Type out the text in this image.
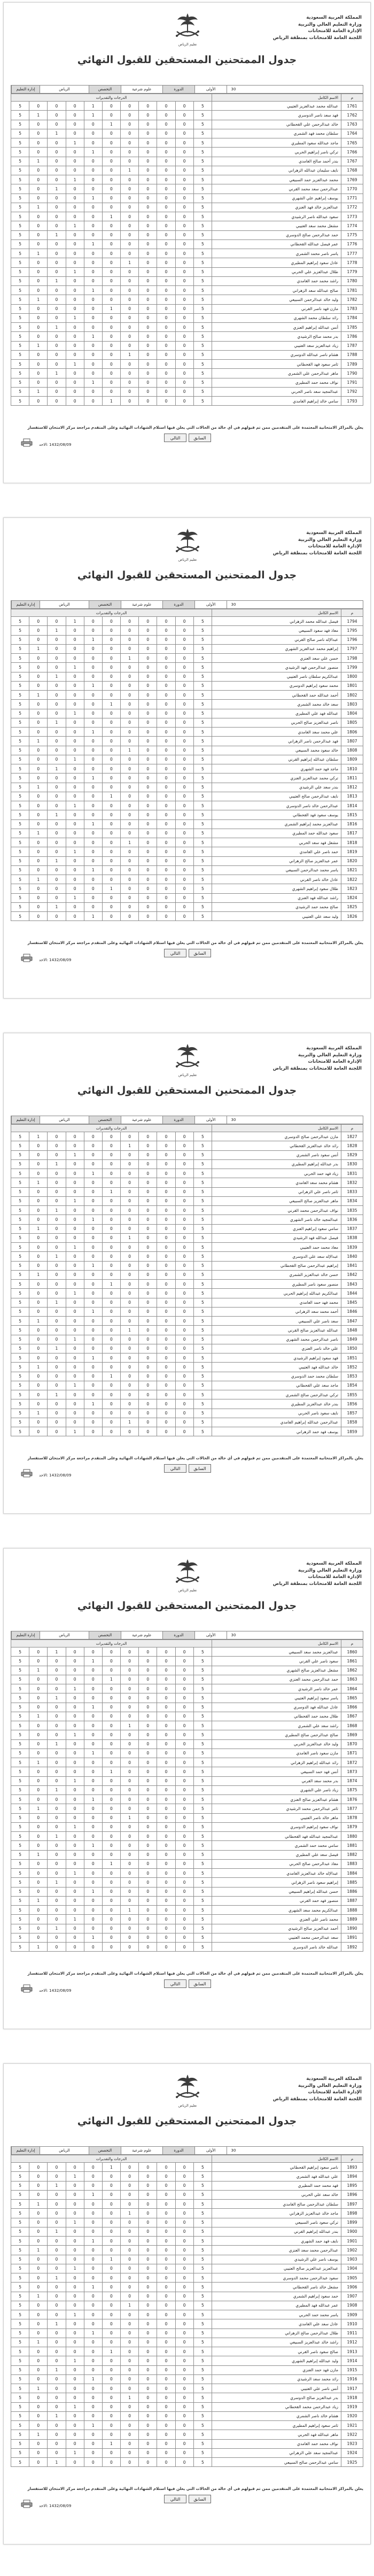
المملكة العربية السعودية
وزارة التعليم العالي والتربية
الإدارة العامة للامتحانات
اللجنة العامة للامتحانات بمنطقة الرياض
تعليم الرياض
جدول الممتحنين المستحقين للقبول النهائي
إدارة التعليم	الرياض	التخصص	علوم شرعية	الدورة	الأولى	30
الدرجات والتقديرات											الاسم الكامل	م
5	0	0	0	1	0	0	0	0	0	5	عبدالله محمد عبدالعزيز العتيبي	1761
5	1	0	0	1	0	0	0	0	0	5	فهد سعد ناصر الدوسري	1762
5	0	0	0	0	1	0	0	0	0	5	خالد عبدالرحمن علي القحطاني	1763
5	0	1	0	0	0	0	0	0	0	5	سلطان محمد فهد الشمري	1764
5	0	0	1	0	0	0	0	0	0	5	ماجد عبدالله سعود المطيري	1765
5	0	0	0	1	0	0	0	0	0	5	تركي ناصر إبراهيم الحربي	1766
5	1	0	0	0	0	0	0	0	0	5	بندر أحمد صالح الغامدي	1767
5	0	0	0	0	0	1	0	0	0	5	نايف سليمان عبدالله الزهراني	1768
5	0	0	1	0	0	0	0	0	0	5	محمد عبدالعزيز حمد السبيعي	1769
5	0	1	0	0	0	0	0	0	0	5	عبدالرحمن سعد محمد القرني	1770
5	0	0	0	1	0	0	0	0	0	5	يوسف إبراهيم علي الشهري	1771
5	1	0	0	0	0	0	0	0	0	5	عبدالعزيز خالد فهد العنزي	1772
5	0	0	0	0	1	0	0	0	0	5	سعود عبدالله ناصر الرشيدي	1773
5	0	0	1	0	0	0	0	0	0	5	مشعل محمد سعد العتيبي	1774
5	0	1	0	0	0	0	0	0	0	5	حمد عبدالرحمن صالح الدوسري	1775
5	0	0	0	1	0	0	0	0	0	5	عمر فيصل عبدالله القحطاني	1776
5	1	0	0	0	0	0	0	0	0	5	ياسر ناصر محمد الشمري	1777
5	0	0	0	0	0	1	0	0	0	5	عادل سعود إبراهيم المطيري	1778
5	0	0	1	0	0	0	0	0	0	5	طلال عبدالعزيز علي الحربي	1779
5	0	1	0	0	0	0	0	0	0	5	راشد محمد حمد الغامدي	1780
5	0	0	0	1	0	0	0	0	0	5	صالح عبدالله سعد الزهراني	1781
5	1	0	0	0	0	0	0	0	0	5	وليد خالد عبدالرحمن السبيعي	1782
5	0	0	0	0	1	0	0	0	0	5	مازن فهد ناصر القرني	1783
5	0	0	1	0	0	0	0	0	0	5	رائد سلطان محمد الشهري	1784
5	0	1	0	0	0	0	0	0	0	5	أنس عبدالله إبراهيم العنزي	1785
5	0	0	0	1	0	0	0	0	0	5	بدر محمد صالح الرشيدي	1786
5	1	0	0	0	0	0	0	0	0	5	زياد عبدالعزيز سعد العتيبي	1787
5	0	0	0	0	0	1	0	0	0	5	هشام ناصر عبدالله الدوسري	1788
5	0	0	1	0	0	0	0	0	0	5	ثامر سعود فهد القحطاني	1789
5	0	1	0	0	0	0	0	0	0	5	ماهر عبدالرحمن علي الشمري	1790
5	0	0	0	1	0	0	0	0	0	5	نواف محمد حمد المطيري	1791
5	1	0	0	0	0	0	0	0	0	5	عبدالمجيد سعد ناصر الحربي	1792
5	0	0	0	0	1	0	0	0	0	5	سامي خالد إبراهيم الغامدي	1793
يعلن بالمراكز الامتحانية المعتمدة على المتقدمين ممن تم قبولهم في أي حالة من الحالات التي يعلن فيها استلام الشهادات النهائية وعلى المتقدم مراجعة مركز الامتحان للاستفسار
التالي	السابق
1432/08/09 :الاحد
المملكة العربية السعودية
وزارة التعليم العالي والتربية
الإدارة العامة للامتحانات
اللجنة العامة للامتحانات بمنطقة الرياض
تعليم الرياض
جدول الممتحنين المستحقين للقبول النهائي
إدارة التعليم	الرياض	التخصص	علوم شرعية	الدورة	الأولى	30
الدرجات والتقديرات											الاسم الكامل	م
5	0	0	1	0	0	0	0	0	0	5	فيصل عبدالله محمد الزهراني	1794
5	0	1	0	0	0	0	0	0	0	5	معاذ فهد سعود السبيعي	1795
5	0	0	0	1	0	0	0	0	0	5	عبدالإله ناصر صالح القرني	1796
5	1	0	0	0	0	0	0	0	0	5	إبراهيم محمد عبدالعزيز الشهري	1797
5	0	0	0	0	0	1	0	0	0	5	حسن علي سعد العنزي	1798
5	0	0	1	0	0	0	0	0	0	5	منصور عبدالرحمن فهد الرشيدي	1799
5	0	1	0	0	0	0	0	0	0	5	عبدالكريم سلطان ناصر العتيبي	1800
5	0	0	0	1	0	0	0	0	0	5	محمد سعود إبراهيم الدوسري	1801
5	1	0	0	0	0	0	0	0	0	5	أحمد عبدالله حمد القحطاني	1802
5	0	0	0	0	1	0	0	0	0	5	سعد خالد محمد الشمري	1803
5	0	0	1	0	0	0	0	0	0	5	عبدالله فهد علي المطيري	1804
5	0	1	0	0	0	0	0	0	0	5	ناصر عبدالعزيز صالح الحربي	1805
5	0	0	0	1	0	0	0	0	0	5	علي محمد سعد الغامدي	1806
5	1	0	0	0	0	0	0	0	0	5	فهد عبدالرحمن ناصر الزهراني	1807
5	0	0	0	0	0	1	0	0	0	5	خالد سعود محمد السبيعي	1808
5	0	0	1	0	0	0	0	0	0	5	سلطان عبدالله إبراهيم القرني	1809
5	0	1	0	0	0	0	0	0	0	5	ماجد فهد حمد الشهري	1810
5	0	0	0	1	0	0	0	0	0	5	تركي محمد عبدالعزيز العنزي	1811
5	1	0	0	0	0	0	0	0	0	5	بندر سعد علي الرشيدي	1812
5	0	0	0	0	1	0	0	0	0	5	نايف عبدالرحمن صالح العتيبي	1813
5	0	0	1	0	0	0	0	0	0	5	عبدالرحمن خالد ناصر الدوسري	1814
5	0	1	0	0	0	0	0	0	0	5	يوسف سعود فهد القحطاني	1815
5	0	0	0	1	0	0	0	0	0	5	عبدالعزيز محمد إبراهيم الشمري	1816
5	1	0	0	0	0	0	0	0	0	5	سعود عبدالله حمد المطيري	1817
5	0	0	0	0	0	1	0	0	0	5	مشعل فهد سعد الحربي	1818
5	0	0	1	0	0	0	0	0	0	5	حمد ناصر علي الغامدي	1819
5	0	1	0	0	0	0	0	0	0	5	عمر عبدالعزيز صالح الزهراني	1820
5	0	0	0	1	0	0	0	0	0	5	ياسر محمد عبدالرحمن السبيعي	1821
5	1	0	0	0	0	0	0	0	0	5	عادل خالد ناصر القرني	1822
5	0	0	0	0	1	0	0	0	0	5	طلال سعود إبراهيم الشهري	1823
5	0	0	1	0	0	0	0	0	0	5	راشد عبدالله فهد العنزي	1824
5	0	1	0	0	0	0	0	0	0	5	صالح محمد حمد الرشيدي	1825
5	0	0	0	1	0	0	0	0	0	5	وليد سعد علي العتيبي	1826
يعلن بالمراكز الامتحانية المعتمدة على المتقدمين ممن تم قبولهم في أي حالة من الحالات التي يعلن فيها استلام الشهادات النهائية وعلى المتقدم مراجعة مركز الامتحان للاستفسار
التالي	السابق
1432/08/09 :الاحد
المملكة العربية السعودية
وزارة التعليم العالي والتربية
الإدارة العامة للامتحانات
اللجنة العامة للامتحانات بمنطقة الرياض
تعليم الرياض
جدول الممتحنين المستحقين للقبول النهائي
إدارة التعليم	الرياض	التخصص	علوم شرعية	الدورة	الأولى	30
الدرجات والتقديرات											الاسم الكامل	م
5	1	0	0	0	0	0	0	0	0	5	مازن عبدالرحمن صالح الدوسري	1827
5	0	0	0	0	0	1	0	0	0	5	رائد خالد عبدالعزيز القحطاني	1828
5	0	0	1	0	0	0	0	0	0	5	أنس سعود ناصر الشمري	1829
5	0	1	0	0	0	0	0	0	0	5	بدر عبدالله إبراهيم المطيري	1830
5	0	0	0	1	0	0	0	0	0	5	زياد فهد حمد الحربي	1831
5	1	0	0	0	0	0	0	0	0	5	هشام محمد سعد الغامدي	1832
5	0	0	0	0	1	0	0	0	0	5	ثامر ناصر علي الزهراني	1833
5	0	0	1	0	0	0	0	0	0	5	ماهر عبدالعزيز صالح السبيعي	1834
5	0	1	0	0	0	0	0	0	0	5	نواف عبدالرحمن محمد القرني	1835
5	0	0	0	1	0	0	0	0	0	5	عبدالمجيد خالد ناصر الشهري	1836
5	1	0	0	0	0	0	0	0	0	5	سامي سعود إبراهيم العنزي	1837
5	0	0	0	0	0	1	0	0	0	5	فيصل عبدالله فهد الرشيدي	1838
5	0	0	1	0	0	0	0	0	0	5	معاذ محمد حمد العتيبي	1839
5	0	1	0	0	0	0	0	0	0	5	عبدالإله سعد علي الدوسري	1840
5	0	0	0	1	0	0	0	0	0	5	إبراهيم عبدالرحمن صالح القحطاني	1841
5	1	0	0	0	0	0	0	0	0	5	حسن خالد عبدالعزيز الشمري	1842
5	0	0	0	0	1	0	0	0	0	5	منصور سعود ناصر المطيري	1843
5	0	0	1	0	0	0	0	0	0	5	عبدالكريم عبدالله إبراهيم الحربي	1844
5	0	1	0	0	0	0	0	0	0	5	محمد فهد حمد الغامدي	1845
5	0	0	0	1	0	0	0	0	0	5	أحمد محمد سعد الزهراني	1846
5	1	0	0	0	0	0	0	0	0	5	سعد ناصر علي السبيعي	1847
5	0	0	0	0	0	1	0	0	0	5	عبدالله عبدالعزيز صالح القرني	1848
5	0	0	1	0	0	0	0	0	0	5	ناصر عبدالرحمن محمد الشهري	1849
5	0	1	0	0	0	0	0	0	0	5	علي خالد ناصر العنزي	1850
5	0	0	0	1	0	0	0	0	0	5	فهد سعود إبراهيم الرشيدي	1851
5	1	0	0	0	0	0	0	0	0	5	خالد عبدالله فهد العتيبي	1852
5	0	0	0	0	1	0	0	0	0	5	سلطان محمد حمد الدوسري	1853
5	0	0	1	0	0	0	0	0	0	5	ماجد سعد علي القحطاني	1854
5	0	1	0	0	0	0	0	0	0	5	تركي عبدالرحمن صالح الشمري	1855
5	0	0	0	1	0	0	0	0	0	5	بندر خالد عبدالعزيز المطيري	1856
5	1	0	0	0	0	0	0	0	0	5	نايف سعود ناصر الحربي	1857
5	0	0	0	0	0	1	0	0	0	5	عبدالرحمن عبدالله إبراهيم الغامدي	1858
5	0	0	1	0	0	0	0	0	0	5	يوسف فهد حمد الزهراني	1859
يعلن بالمراكز الامتحانية المعتمدة على المتقدمين ممن تم قبولهم في أي حالة من الحالات التي يعلن فيها استلام الشهادات النهائية وعلى المتقدم مراجعة مركز الامتحان للاستفسار
التالي	السابق
1432/08/09 :الاحد
المملكة العربية السعودية
وزارة التعليم العالي والتربية
الإدارة العامة للامتحانات
اللجنة العامة للامتحانات بمنطقة الرياض
تعليم الرياض
جدول الممتحنين المستحقين للقبول النهائي
إدارة التعليم	الرياض	التخصص	علوم شرعية	الدورة	الأولى	30
الدرجات والتقديرات											الاسم الكامل	م
5	0	1	0	0	0	0	0	0	0	5	عبدالعزيز محمد سعد السبيعي	1860
5	0	0	0	1	0	0	0	0	0	5	سعود ناصر علي القرني	1861
5	1	0	0	0	0	0	0	0	0	5	مشعل عبدالعزيز صالح الشهري	1862
5	0	0	0	0	1	0	0	0	0	5	حمد عبدالرحمن محمد العنزي	1863
5	0	0	1	0	0	0	0	0	0	5	عمر خالد ناصر الرشيدي	1864
5	0	1	0	0	0	0	0	0	0	5	ياسر سعود إبراهيم العتيبي	1865
5	0	0	0	1	0	0	0	0	0	5	عادل عبدالله فهد الدوسري	1866
5	1	0	0	0	0	0	0	0	0	5	طلال محمد حمد القحطاني	1867
5	0	0	0	0	0	1	0	0	0	5	راشد سعد علي الشمري	1868
5	0	0	1	0	0	0	0	0	0	5	صالح عبدالرحمن صالح المطيري	1869
5	0	1	0	0	0	0	0	0	0	5	وليد خالد عبدالعزيز الحربي	1870
5	0	0	0	1	0	0	0	0	0	5	مازن سعود ناصر الغامدي	1871
5	1	0	0	0	0	0	0	0	0	5	رائد عبدالله إبراهيم الزهراني	1872
5	0	0	0	0	1	0	0	0	0	5	أنس فهد حمد السبيعي	1873
5	0	0	1	0	0	0	0	0	0	5	بدر محمد سعد القرني	1874
5	0	1	0	0	0	0	0	0	0	5	زياد ناصر علي الشهري	1875
5	0	0	0	1	0	0	0	0	0	5	هشام عبدالعزيز صالح العنزي	1876
5	1	0	0	0	0	0	0	0	0	5	ثامر عبدالرحمن محمد الرشيدي	1877
5	0	0	0	0	0	1	0	0	0	5	ماهر خالد ناصر العتيبي	1878
5	0	0	1	0	0	0	0	0	0	5	نواف سعود إبراهيم الدوسري	1879
5	0	1	0	0	0	0	0	0	0	5	عبدالمجيد عبدالله فهد القحطاني	1880
5	0	0	0	1	0	0	0	0	0	5	سامي محمد حمد الشمري	1881
5	1	0	0	0	0	0	0	0	0	5	فيصل سعد علي المطيري	1882
5	0	0	0	0	1	0	0	0	0	5	معاذ عبدالرحمن صالح الحربي	1883
5	0	0	1	0	0	0	0	0	0	5	عبدالإله خالد عبدالعزيز الغامدي	1884
5	0	1	0	0	0	0	0	0	0	5	إبراهيم سعود ناصر الزهراني	1885
5	0	0	0	1	0	0	0	0	0	5	حسن عبدالله إبراهيم السبيعي	1886
5	1	0	0	0	0	0	0	0	0	5	منصور فهد حمد القرني	1887
5	0	0	0	0	0	1	0	0	0	5	عبدالكريم محمد سعد الشهري	1888
5	0	0	1	0	0	0	0	0	0	5	محمد ناصر علي العنزي	1889
5	0	1	0	0	0	0	0	0	0	5	أحمد عبدالعزيز صالح الرشيدي	1890
5	0	0	0	1	0	0	0	0	0	5	سعد عبدالرحمن محمد العتيبي	1891
5	1	0	0	0	0	0	0	0	0	5	عبدالله خالد ناصر الدوسري	1892
يعلن بالمراكز الامتحانية المعتمدة على المتقدمين ممن تم قبولهم في أي حالة من الحالات التي يعلن فيها استلام الشهادات النهائية وعلى المتقدم مراجعة مركز الامتحان للاستفسار
التالي	السابق
1432/08/09 :الاحد
المملكة العربية السعودية
وزارة التعليم العالي والتربية
الإدارة العامة للامتحانات
اللجنة العامة للامتحانات بمنطقة الرياض
تعليم الرياض
جدول الممتحنين المستحقين للقبول النهائي
إدارة التعليم	الرياض	التخصص	علوم شرعية	الدورة	الأولى	30
الدرجات والتقديرات											الاسم الكامل	م
5	0	0	0	0	1	0	0	0	0	5	ناصر سعود إبراهيم القحطاني	1893
5	0	0	1	0	0	0	0	0	0	5	علي عبدالله فهد الشمري	1894
5	0	1	0	0	0	0	0	0	0	5	فهد محمد حمد المطيري	1895
5	0	0	0	1	0	0	0	0	0	5	خالد سعد علي الحربي	1896
5	1	0	0	0	0	0	0	0	0	5	سلطان عبدالرحمن صالح الغامدي	1897
5	0	0	0	0	0	1	0	0	0	5	ماجد خالد عبدالعزيز الزهراني	1898
5	0	0	1	0	0	0	0	0	0	5	تركي سعود ناصر السبيعي	1899
5	0	1	0	0	0	0	0	0	0	5	بندر عبدالله إبراهيم القرني	1900
5	0	0	0	1	0	0	0	0	0	5	نايف فهد حمد الشهري	1901
5	1	0	0	0	0	0	0	0	0	5	عبدالرحمن محمد سعد العنزي	1902
5	0	0	0	0	1	0	0	0	0	5	يوسف ناصر علي الرشيدي	1903
5	0	0	1	0	0	0	0	0	0	5	عبدالعزيز عبدالعزيز صالح العتيبي	1904
5	0	1	0	0	0	0	0	0	0	5	سعود عبدالرحمن محمد الدوسري	1905
5	0	0	0	1	0	0	0	0	0	5	مشعل خالد ناصر القحطاني	1906
5	1	0	0	0	0	0	0	0	0	5	حمد سعود إبراهيم الشمري	1907
5	0	0	0	0	0	1	0	0	0	5	عمر عبدالله فهد المطيري	1908
5	0	0	1	0	0	0	0	0	0	5	ياسر محمد حمد الحربي	1909
5	0	1	0	0	0	0	0	0	0	5	عادل سعد علي الغامدي	1910
5	0	0	0	1	0	0	0	0	0	5	طلال عبدالرحمن صالح الزهراني	1911
5	1	0	0	0	0	0	0	0	0	5	راشد خالد عبدالعزيز السبيعي	1912
5	0	0	0	0	1	0	0	0	0	5	صالح سعود ناصر القرني	1913
5	0	0	1	0	0	0	0	0	0	5	وليد عبدالله إبراهيم الشهري	1914
5	0	1	0	0	0	0	0	0	0	5	مازن فهد حمد العنزي	1915
5	0	0	0	1	0	0	0	0	0	5	رائد محمد سعد الرشيدي	1916
5	1	0	0	0	0	0	0	0	0	5	أنس ناصر علي العتيبي	1917
5	0	0	0	0	0	1	0	0	0	5	بدر عبدالعزيز صالح الدوسري	1918
5	0	0	1	0	0	0	0	0	0	5	زياد عبدالرحمن محمد القحطاني	1919
5	0	1	0	0	0	0	0	0	0	5	هشام خالد ناصر الشمري	1920
5	0	0	0	1	0	0	0	0	0	5	ثامر سعود إبراهيم المطيري	1921
5	1	0	0	0	0	0	0	0	0	5	ماهر عبدالله فهد الحربي	1922
5	0	0	0	0	1	0	0	0	0	5	نواف محمد حمد الغامدي	1923
5	0	0	1	0	0	0	0	0	0	5	عبدالمجيد سعد علي الزهراني	1924
5	0	1	0	0	0	0	0	0	0	5	سامي عبدالرحمن صالح السبيعي	1925
يعلن بالمراكز الامتحانية المعتمدة على المتقدمين ممن تم قبولهم في أي حالة من الحالات التي يعلن فيها استلام الشهادات النهائية وعلى المتقدم مراجعة مركز الامتحان للاستفسار
التالي	السابق
1432/08/09 :الاحد
